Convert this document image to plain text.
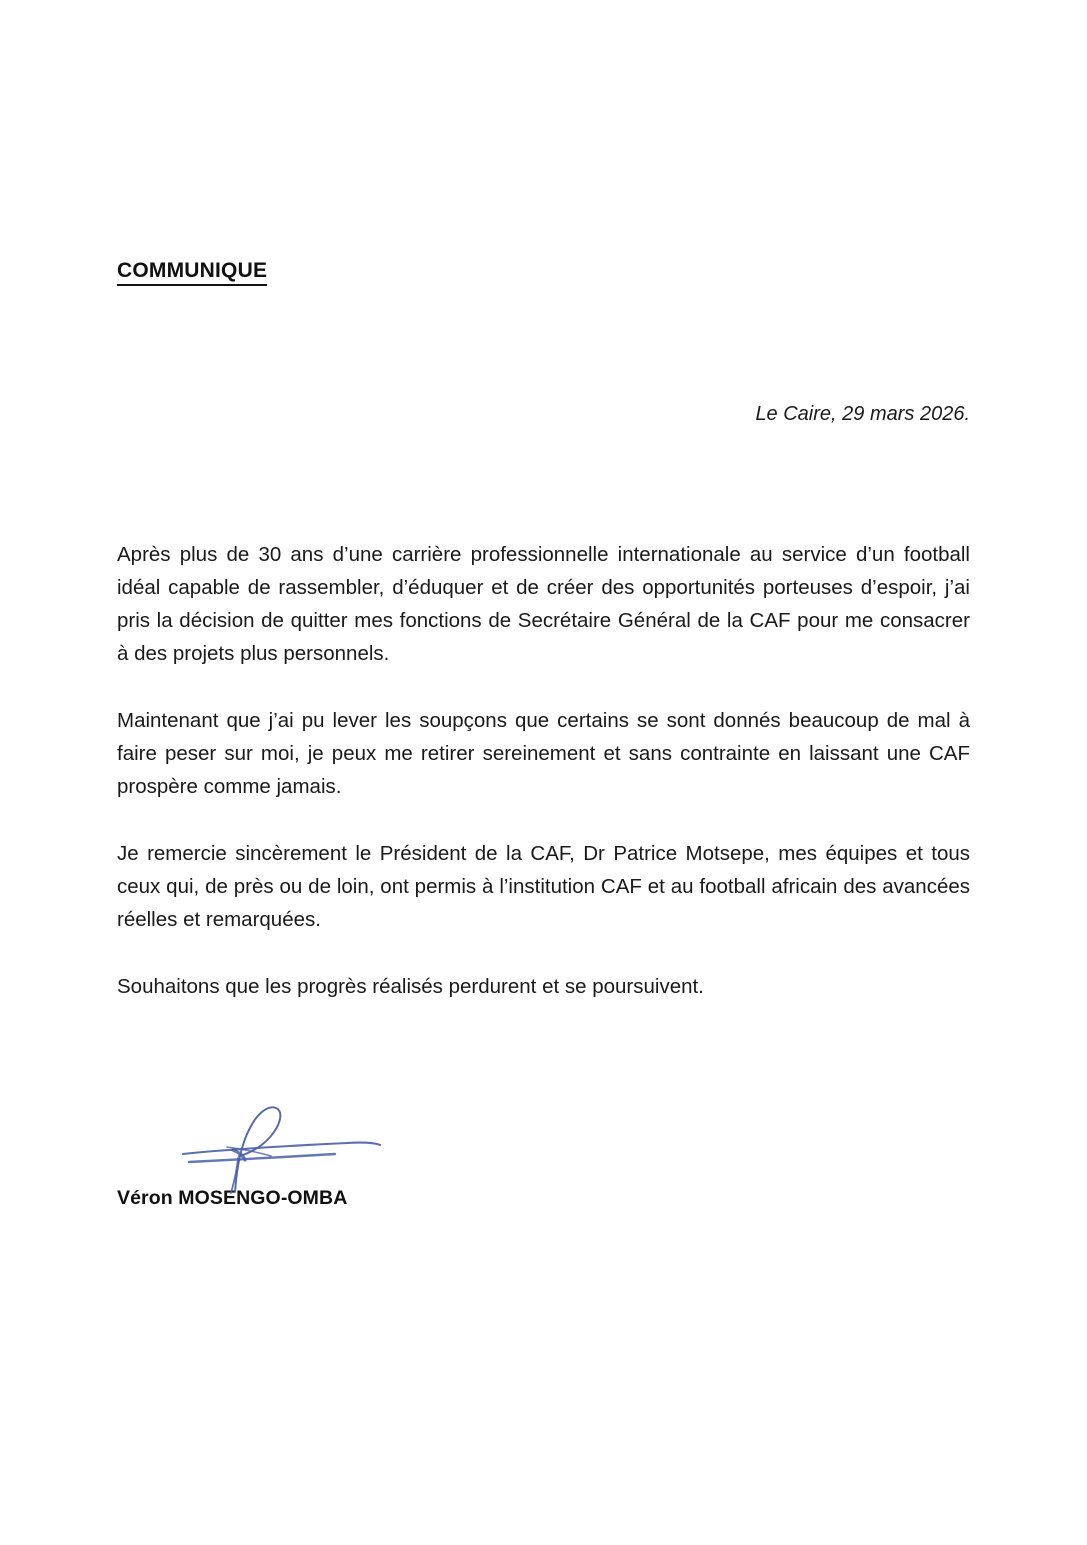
COMMUNIQUE
Le Caire, 29 mars 2026.

Après plus de 30 ans d’une carrière professionnelle internationale au service d’un football idéal capable de rassembler, d’éduquer et de créer des opportunités porteuses d’espoir, j’ai pris la décision de quitter mes fonctions de Secrétaire Général de la CAF pour me consacrer à des projets plus personnels.

Maintenant que j’ai pu lever les soupçons que certains se sont donnés beaucoup de mal à faire peser sur moi, je peux me retirer sereinement et sans contrainte en laissant une CAF prospère comme jamais.

Je remercie sincèrement le Président de la CAF, Dr Patrice Motsepe, mes équipes et tous ceux qui, de près ou de loin, ont permis à l’institution CAF et au football africain des avancées réelles et remarquées.

Souhaitons que les progrès réalisés perdurent et se poursuivent.

Véron MOSENGO-OMBA
